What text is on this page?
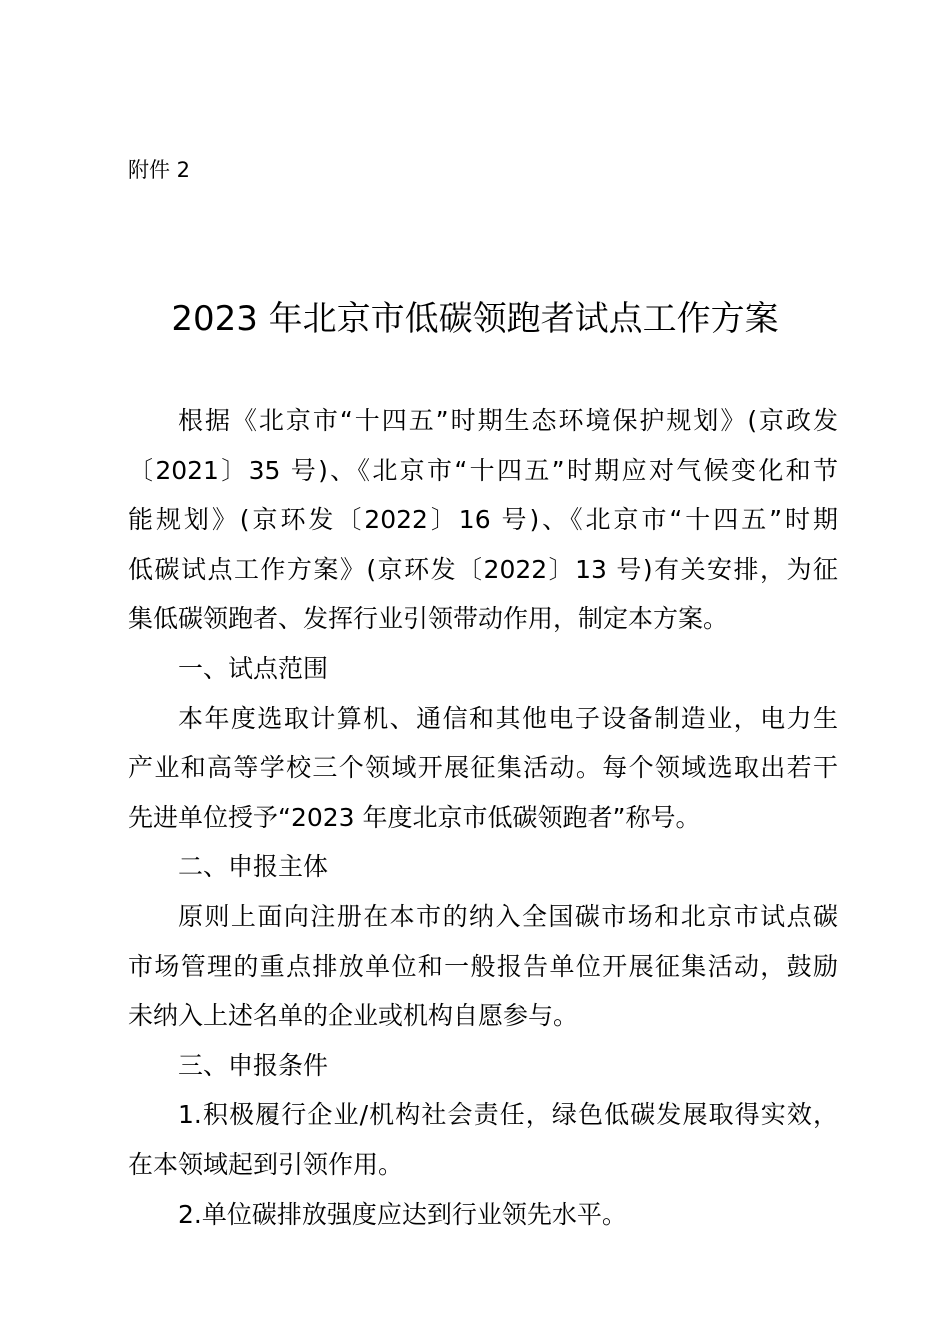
附件 2
2023 年北京市低碳领跑者试点工作方案
根据《北京市“十四五”时期生态环境保护规划》(京政发
〔2021〕35 号)、《北京市“十四五”时期应对气候变化和节
能规划》(京环发〔2022〕16 号)、《北京市“十四五”时期
低碳试点工作方案》(京环发〔2022〕13 号)有关安排，为征
集低碳领跑者、发挥行业引领带动作用，制定本方案。
一、试点范围
本年度选取计算机、通信和其他电子设备制造业，电力生
产业和高等学校三个领域开展征集活动。每个领域选取出若干
先进单位授予“2023 年度北京市低碳领跑者”称号。
二、申报主体
原则上面向注册在本市的纳入全国碳市场和北京市试点碳
市场管理的重点排放单位和一般报告单位开展征集活动，鼓励
未纳入上述名单的企业或机构自愿参与。
三、申报条件
1.积极履行企业/机构社会责任，绿色低碳发展取得实效，
在本领域起到引领作用。
2.单位碳排放强度应达到行业领先水平。
